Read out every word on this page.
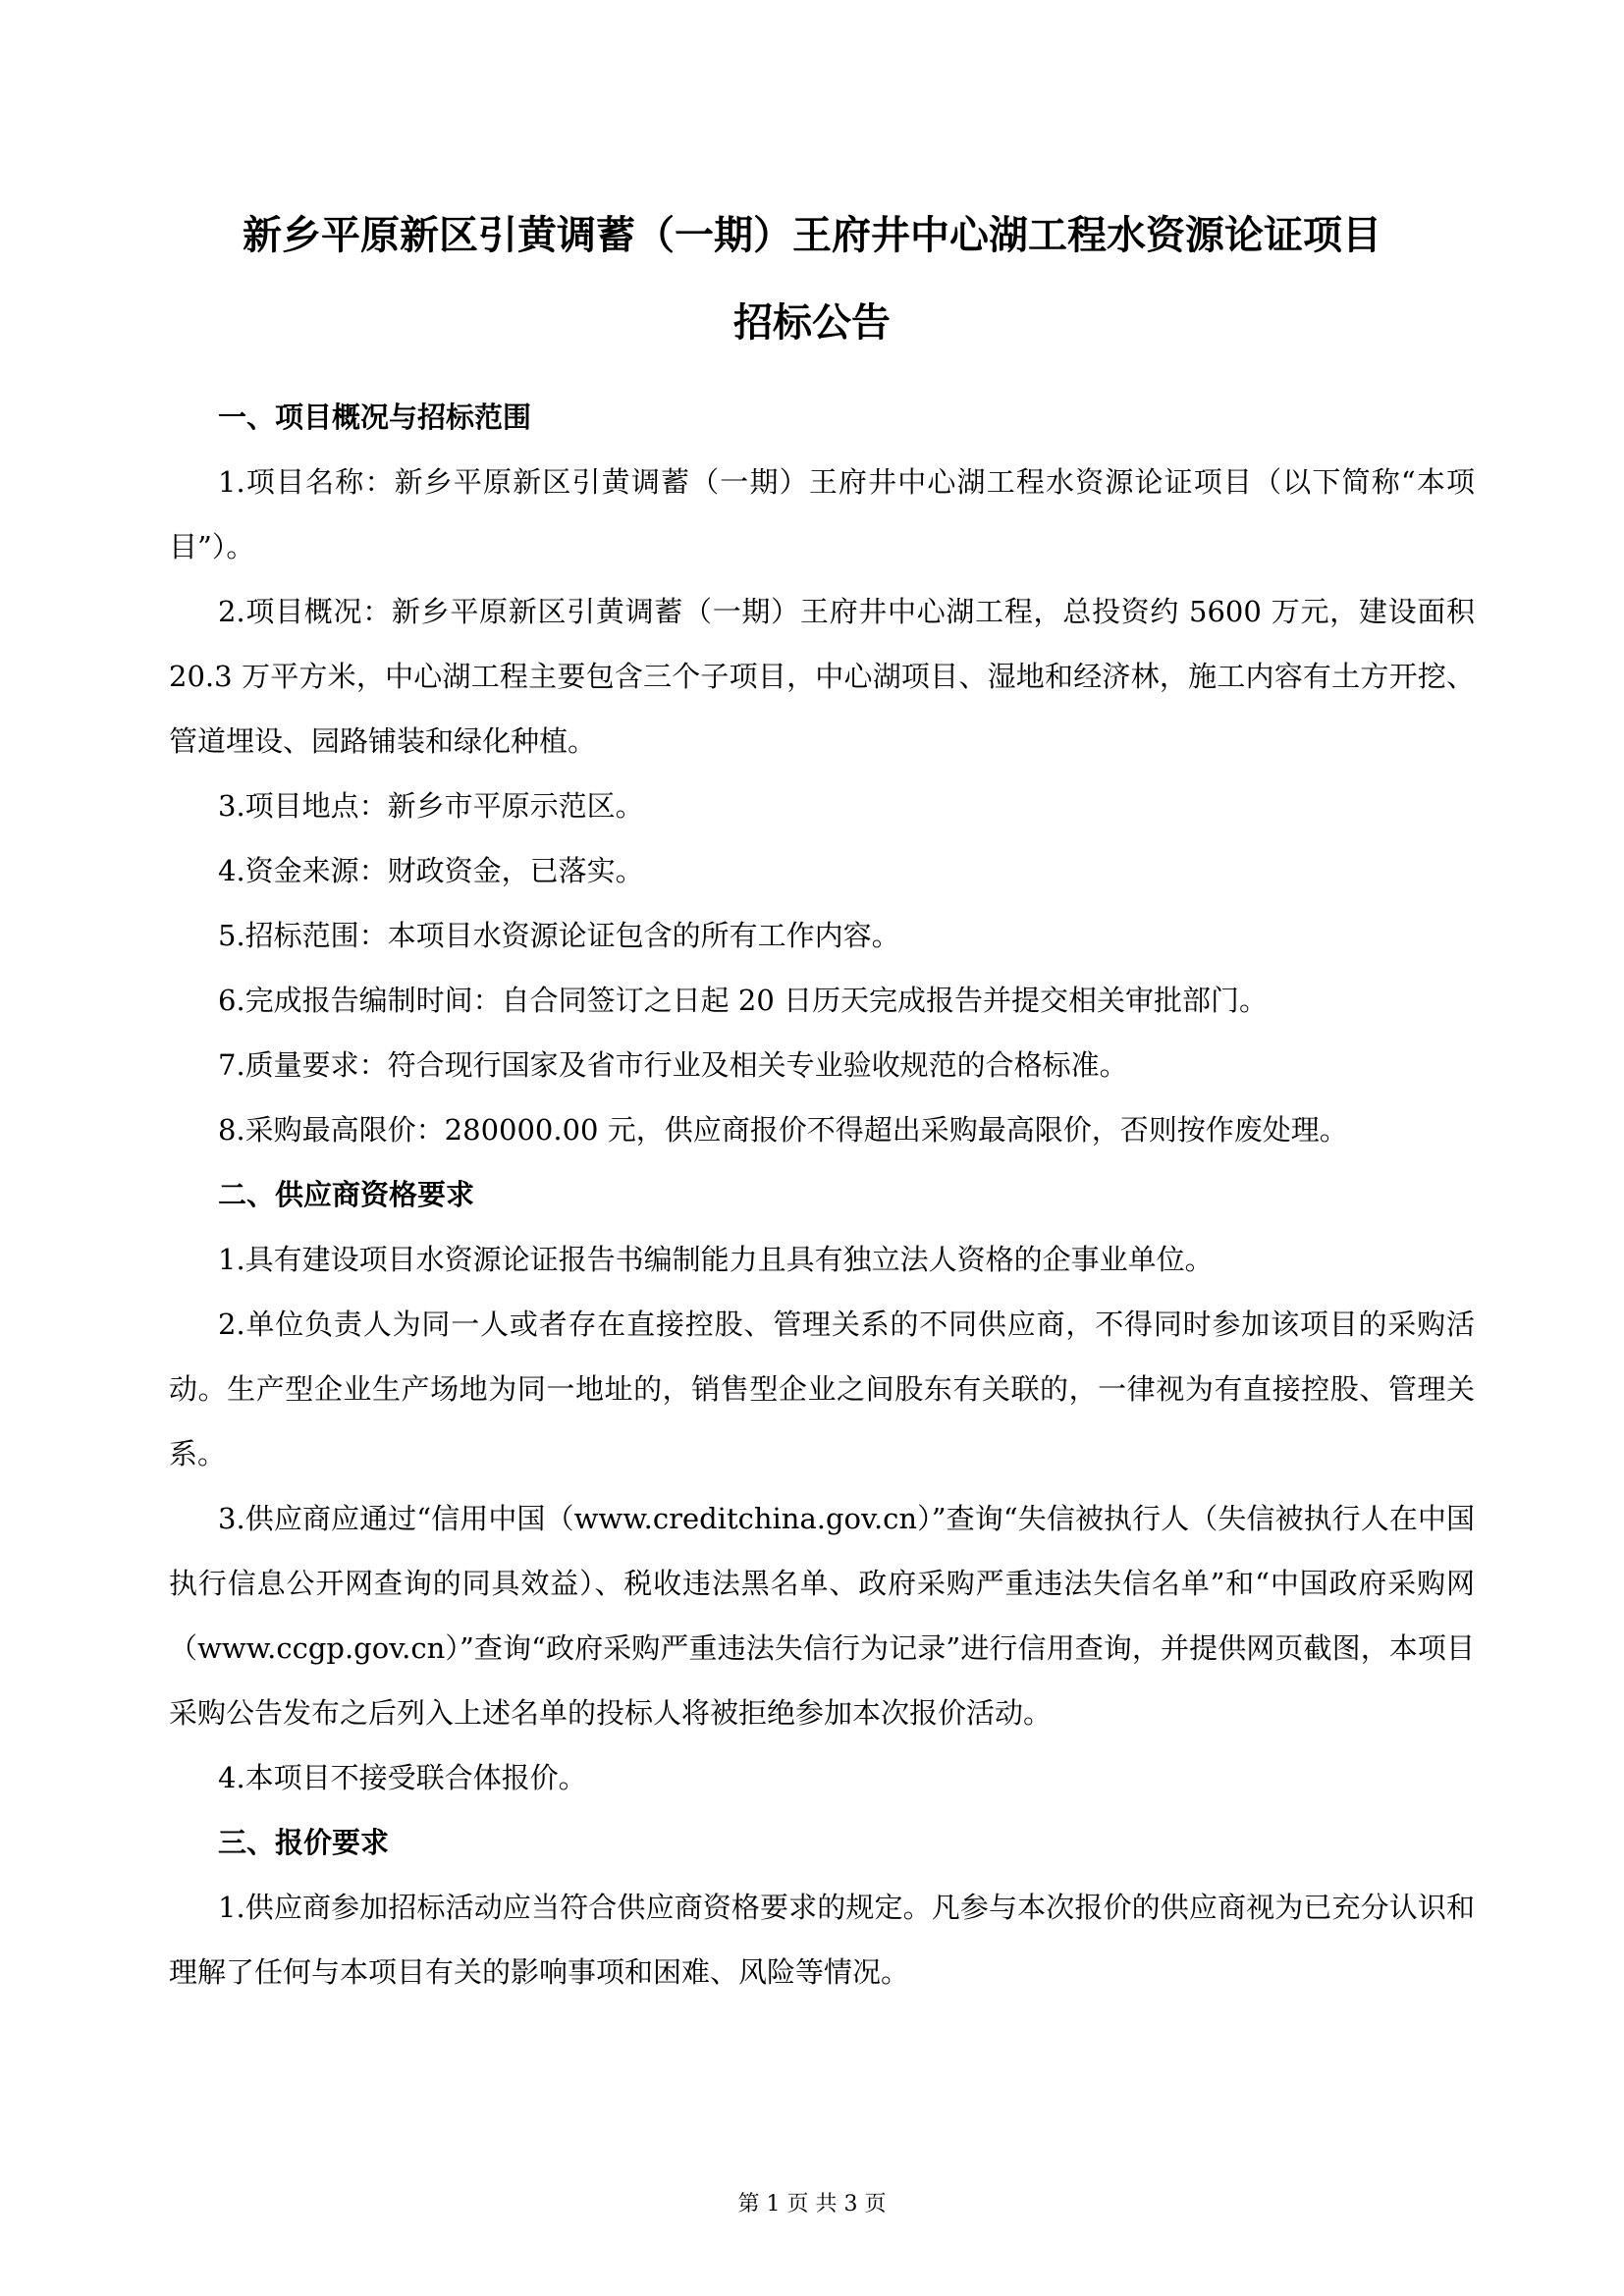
新乡平原新区引黄调蓄（一期）王府井中心湖工程水资源论证项目
招标公告

一、项目概况与招标范围

1.项目名称：新乡平原新区引黄调蓄（一期）王府井中心湖工程水资源论证项目（以下简称“本项目”）。

2.项目概况：新乡平原新区引黄调蓄（一期）王府井中心湖工程，总投资约 5600 万元，建设面积 20.3 万平方米，中心湖工程主要包含三个子项目，中心湖项目、湿地和经济林，施工内容有土方开挖、管道埋设、园路铺装和绿化种植。

3.项目地点：新乡市平原示范区。

4.资金来源：财政资金，已落实。

5.招标范围：本项目水资源论证包含的所有工作内容。

6.完成报告编制时间：自合同签订之日起 20 日历天完成报告并提交相关审批部门。

7.质量要求：符合现行国家及省市行业及相关专业验收规范的合格标准。

8.采购最高限价：280000.00 元，供应商报价不得超出采购最高限价，否则按作废处理。

二、供应商资格要求

1.具有建设项目水资源论证报告书编制能力且具有独立法人资格的企事业单位。

2.单位负责人为同一人或者存在直接控股、管理关系的不同供应商，不得同时参加该项目的采购活动。生产型企业生产场地为同一地址的，销售型企业之间股东有关联的，一律视为有直接控股、管理关系。

3.供应商应通过“信用中国（www.creditchina.gov.cn）”查询“失信被执行人（失信被执行人在中国执行信息公开网查询的同具效益）、税收违法黑名单、政府采购严重违法失信名单”和“中国政府采购网（www.ccgp.gov.cn）”查询“政府采购严重违法失信行为记录”进行信用查询，并提供网页截图，本项目采购公告发布之后列入上述名单的投标人将被拒绝参加本次报价活动。

4.本项目不接受联合体报价。

三、报价要求

1.供应商参加招标活动应当符合供应商资格要求的规定。凡参与本次报价的供应商视为已充分认识和理解了任何与本项目有关的影响事项和困难、风险等情况。

第 1 页 共 3 页
